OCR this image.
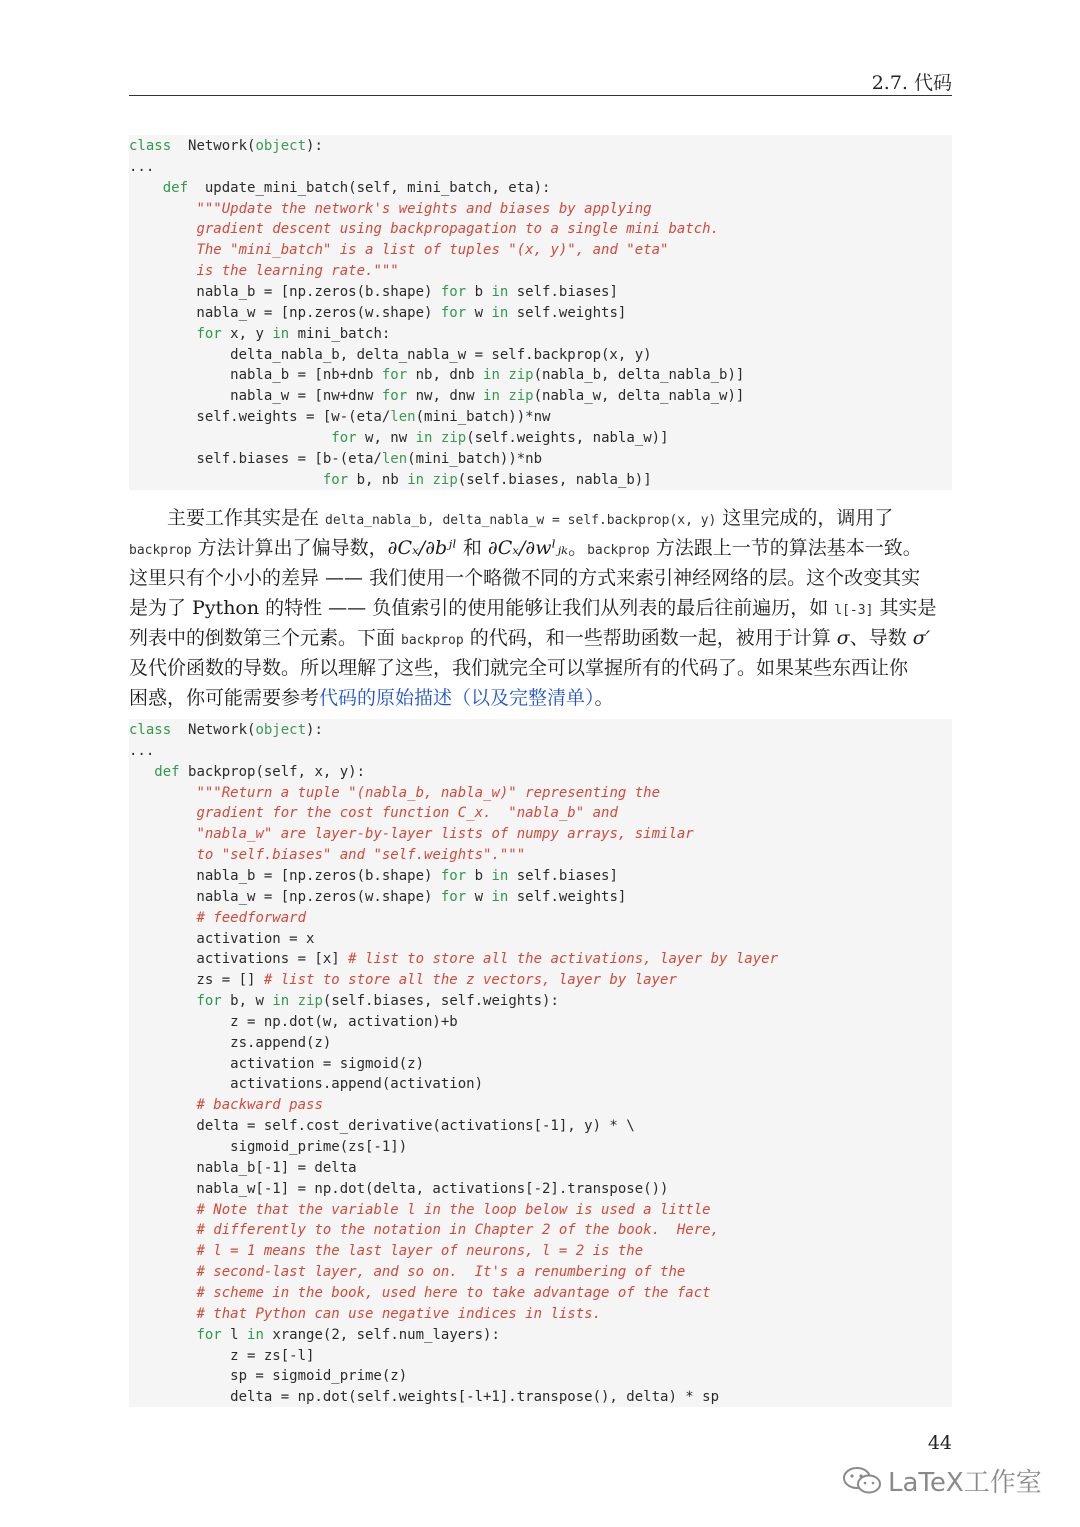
2.7. 代码
class  Network(object):
...
def  update_mini_batch(self, mini_batch, eta):
"""Update the network's weights and biases by applying
gradient descent using backpropagation to a single mini batch.
The "mini_batch" is a list of tuples "(x, y)", and "eta"
is the learning rate."""
nabla_b = [np.zeros(b.shape) for b in self.biases]
nabla_w = [np.zeros(w.shape) for w in self.weights]
for x, y in mini_batch:
delta_nabla_b, delta_nabla_w = self.backprop(x, y)
nabla_b = [nb+dnb for nb, dnb in zip(nabla_b, delta_nabla_b)]
nabla_w = [nw+dnw for nw, dnw in zip(nabla_w, delta_nabla_w)]
self.weights = [w-(eta/len(mini_batch))*nw
for w, nw in zip(self.weights, nabla_w)]
self.biases = [b-(eta/len(mini_batch))*nb
for b, nb in zip(self.biases, nabla_b)]
　　主要工作其实是在 delta_nabla_b, delta_nabla_w = self.backprop(x, y) 这里完成的，调用了
backprop 方法计算出了偏导数，∂Cₓ/∂bʲˡ 和 ∂Cₓ/∂wˡⱼₖ。backprop 方法跟上一节的算法基本一致。
这里只有个小小的差异 —— 我们使用一个略微不同的方式来索引神经网络的层。这个改变其实
是为了 Python 的特性 —— 负值索引的使用能够让我们从列表的最后往前遍历，如 l[-3] 其实是
列表中的倒数第三个元素。下面 backprop 的代码，和一些帮助函数一起，被用于计算 σ、导数 σ′
及代价函数的导数。所以理解了这些，我们就完全可以掌握所有的代码了。如果某些东西让你
困惑，你可能需要参考代码的原始描述（以及完整清单）。
class  Network(object):
...
def backprop(self, x, y):
"""Return a tuple "(nabla_b, nabla_w)" representing the
gradient for the cost function C_x.  "nabla_b" and
"nabla_w" are layer-by-layer lists of numpy arrays, similar
to "self.biases" and "self.weights"."""
nabla_b = [np.zeros(b.shape) for b in self.biases]
nabla_w = [np.zeros(w.shape) for w in self.weights]
# feedforward
activation = x
activations = [x] # list to store all the activations, layer by layer
zs = [] # list to store all the z vectors, layer by layer
for b, w in zip(self.biases, self.weights):
z = np.dot(w, activation)+b
zs.append(z)
activation = sigmoid(z)
activations.append(activation)
# backward pass
delta = self.cost_derivative(activations[-1], y) * \
sigmoid_prime(zs[-1])
nabla_b[-1] = delta
nabla_w[-1] = np.dot(delta, activations[-2].transpose())
# Note that the variable l in the loop below is used a little
# differently to the notation in Chapter 2 of the book.  Here,
# l = 1 means the last layer of neurons, l = 2 is the
# second-last layer, and so on.  It's a renumbering of the
# scheme in the book, used here to take advantage of the fact
# that Python can use negative indices in lists.
for l in xrange(2, self.num_layers):
z = zs[-l]
sp = sigmoid_prime(z)
delta = np.dot(self.weights[-l+1].transpose(), delta) * sp
44
LaTeX工作室
